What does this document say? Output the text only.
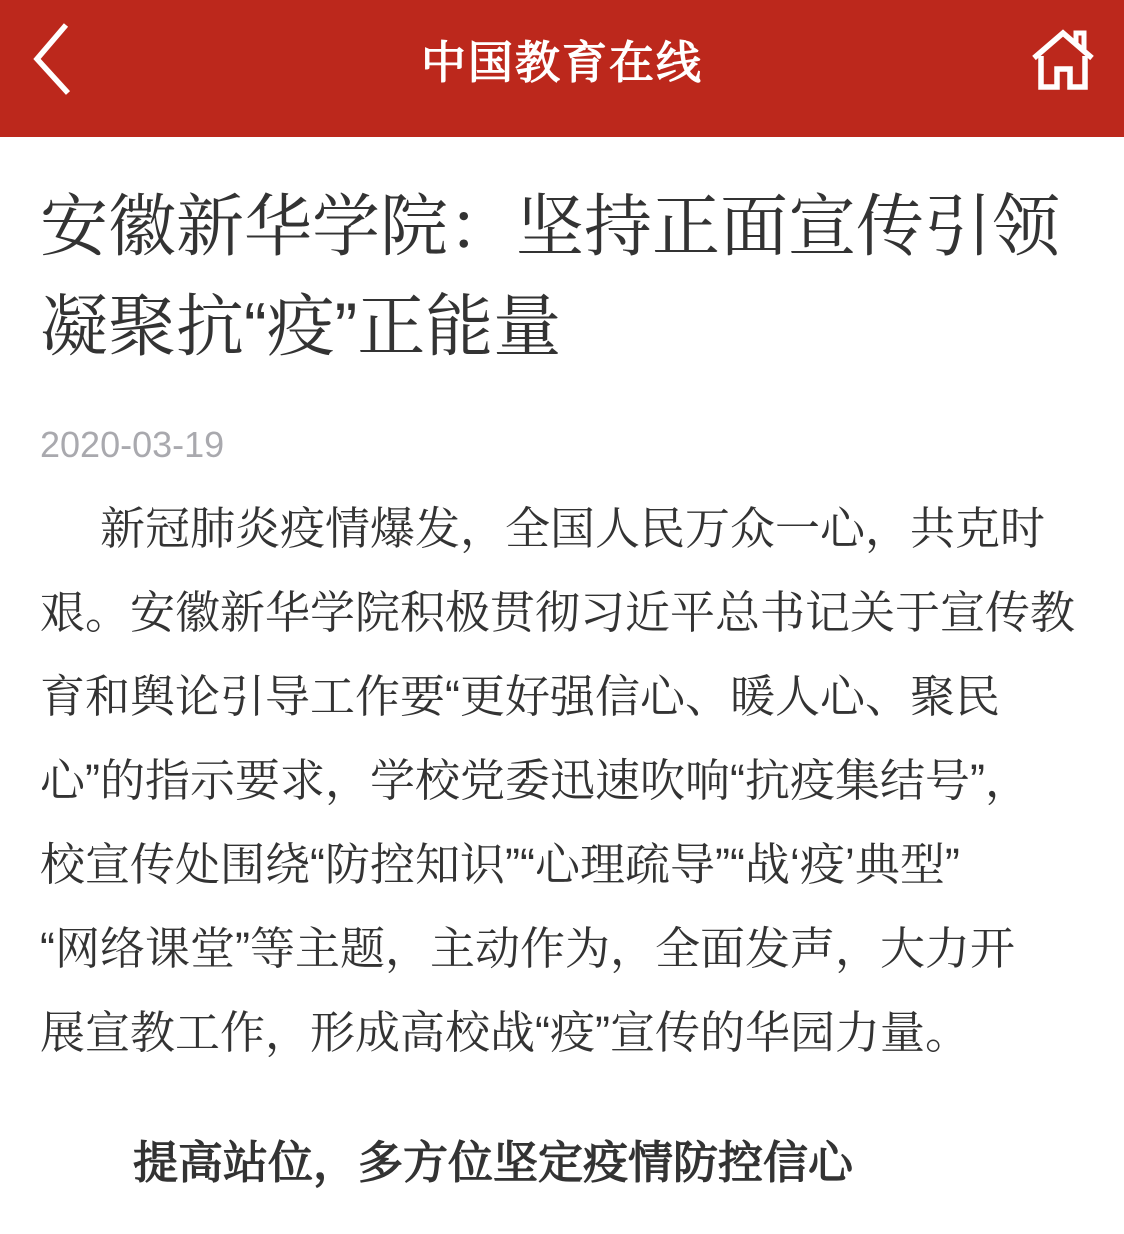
中国教育在线
安徽新华学院：坚持正面宣传引领
凝聚抗“疫”正能量
2020-03-19
新冠肺炎疫情爆发，全国人民万众一心，共克时
艰。安徽新华学院积极贯彻习近平总书记关于宣传教
育和舆论引导工作要“更好强信心、暖人心、聚民
心”的指示要求，学校党委迅速吹响“抗疫集结号”，
校宣传处围绕“防控知识”“心理疏导”“战‘疫’典型”
“网络课堂”等主题，主动作为，全面发声，大力开
展宣教工作，形成高校战“疫”宣传的华园力量。
提高站位，多方位坚定疫情防控信心
